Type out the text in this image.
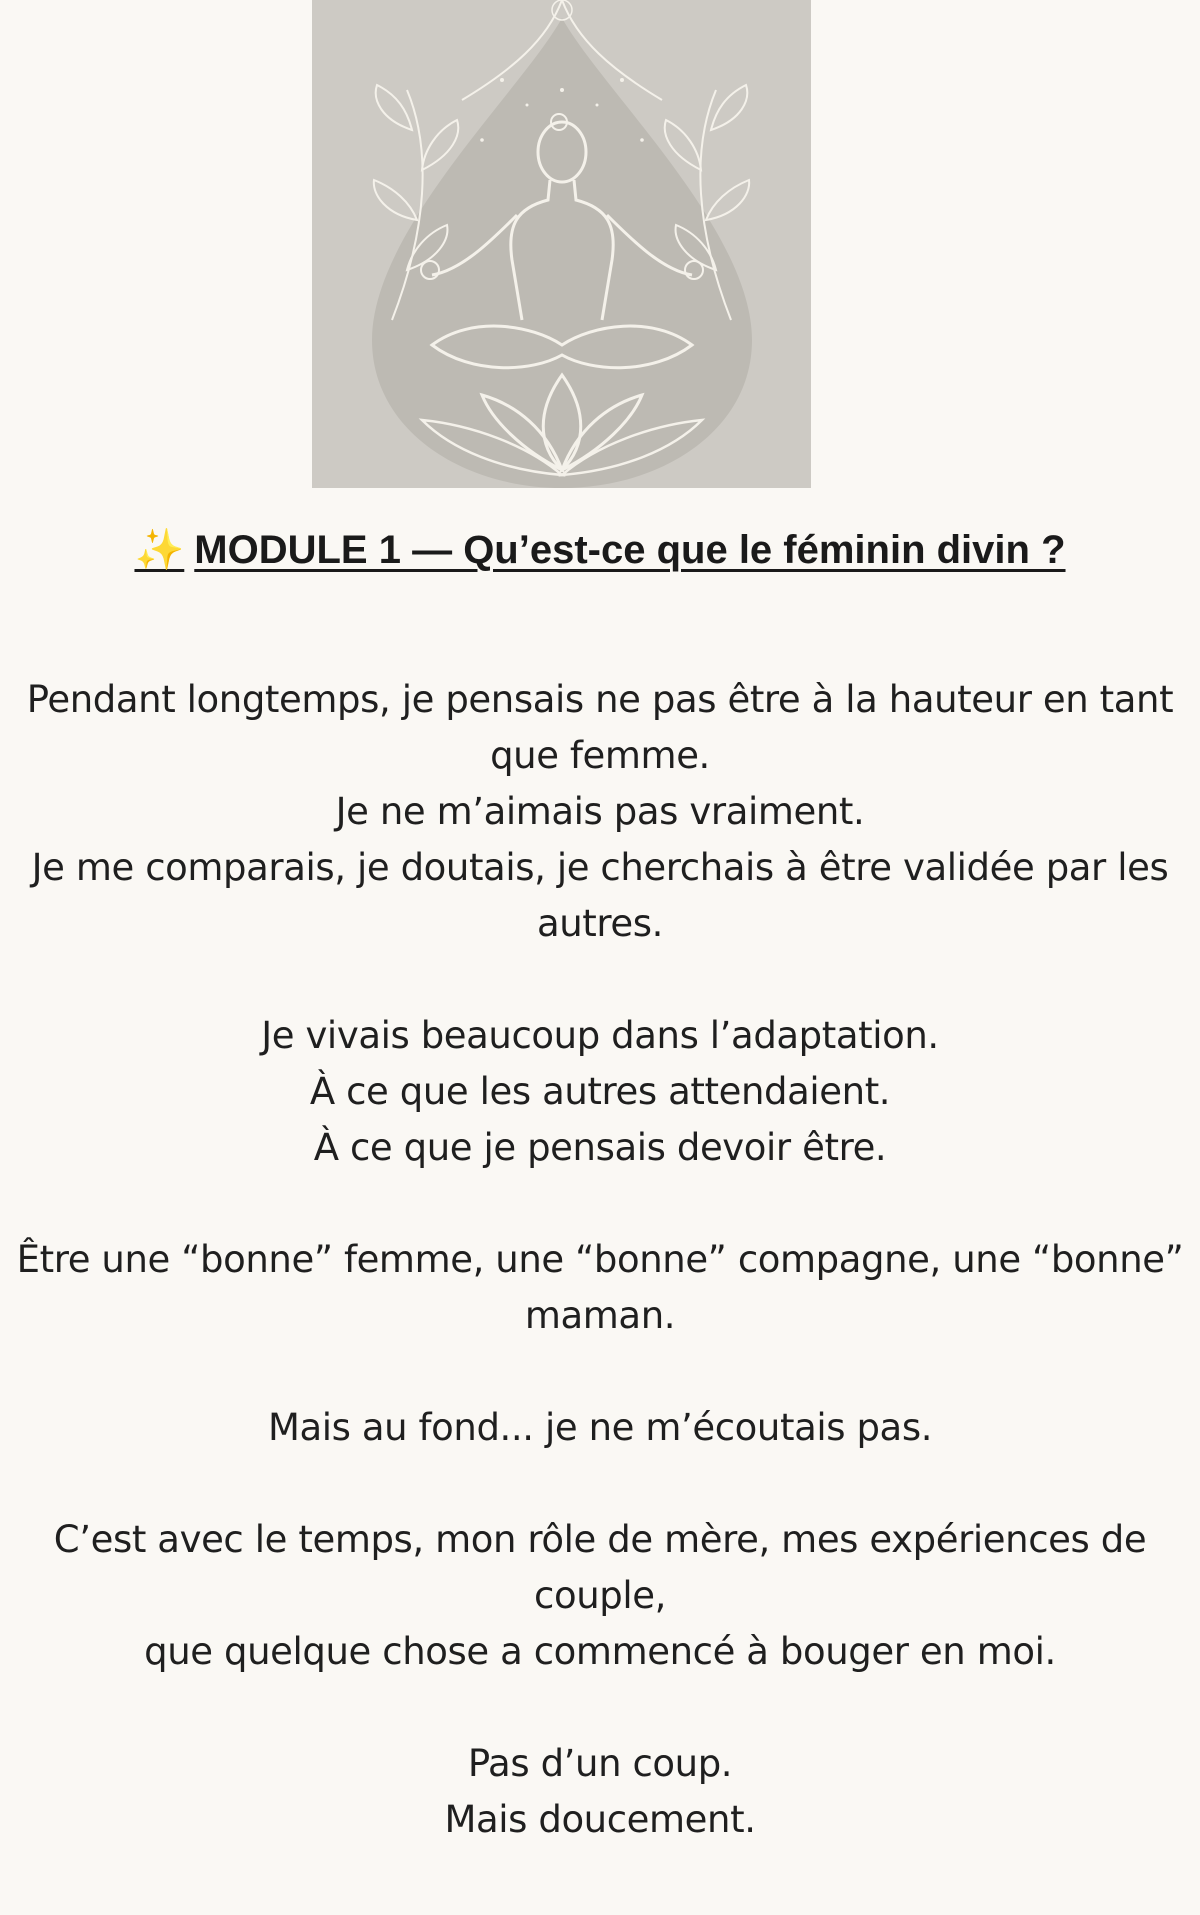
✨ MODULE 1 — Qu’est-ce que le féminin divin ?
Pendant longtemps, je pensais ne pas être à la hauteur en tant
que femme.
Je ne m’aimais pas vraiment.
Je me comparais, je doutais, je cherchais à être validée par les
autres.
Je vivais beaucoup dans l’adaptation.
À ce que les autres attendaient.
À ce que je pensais devoir être.
Être une “bonne” femme, une “bonne” compagne, une “bonne”
maman.
Mais au fond... je ne m’écoutais pas.
C’est avec le temps, mon rôle de mère, mes expériences de
couple,
que quelque chose a commencé à bouger en moi.
Pas d’un coup.
Mais doucement.
